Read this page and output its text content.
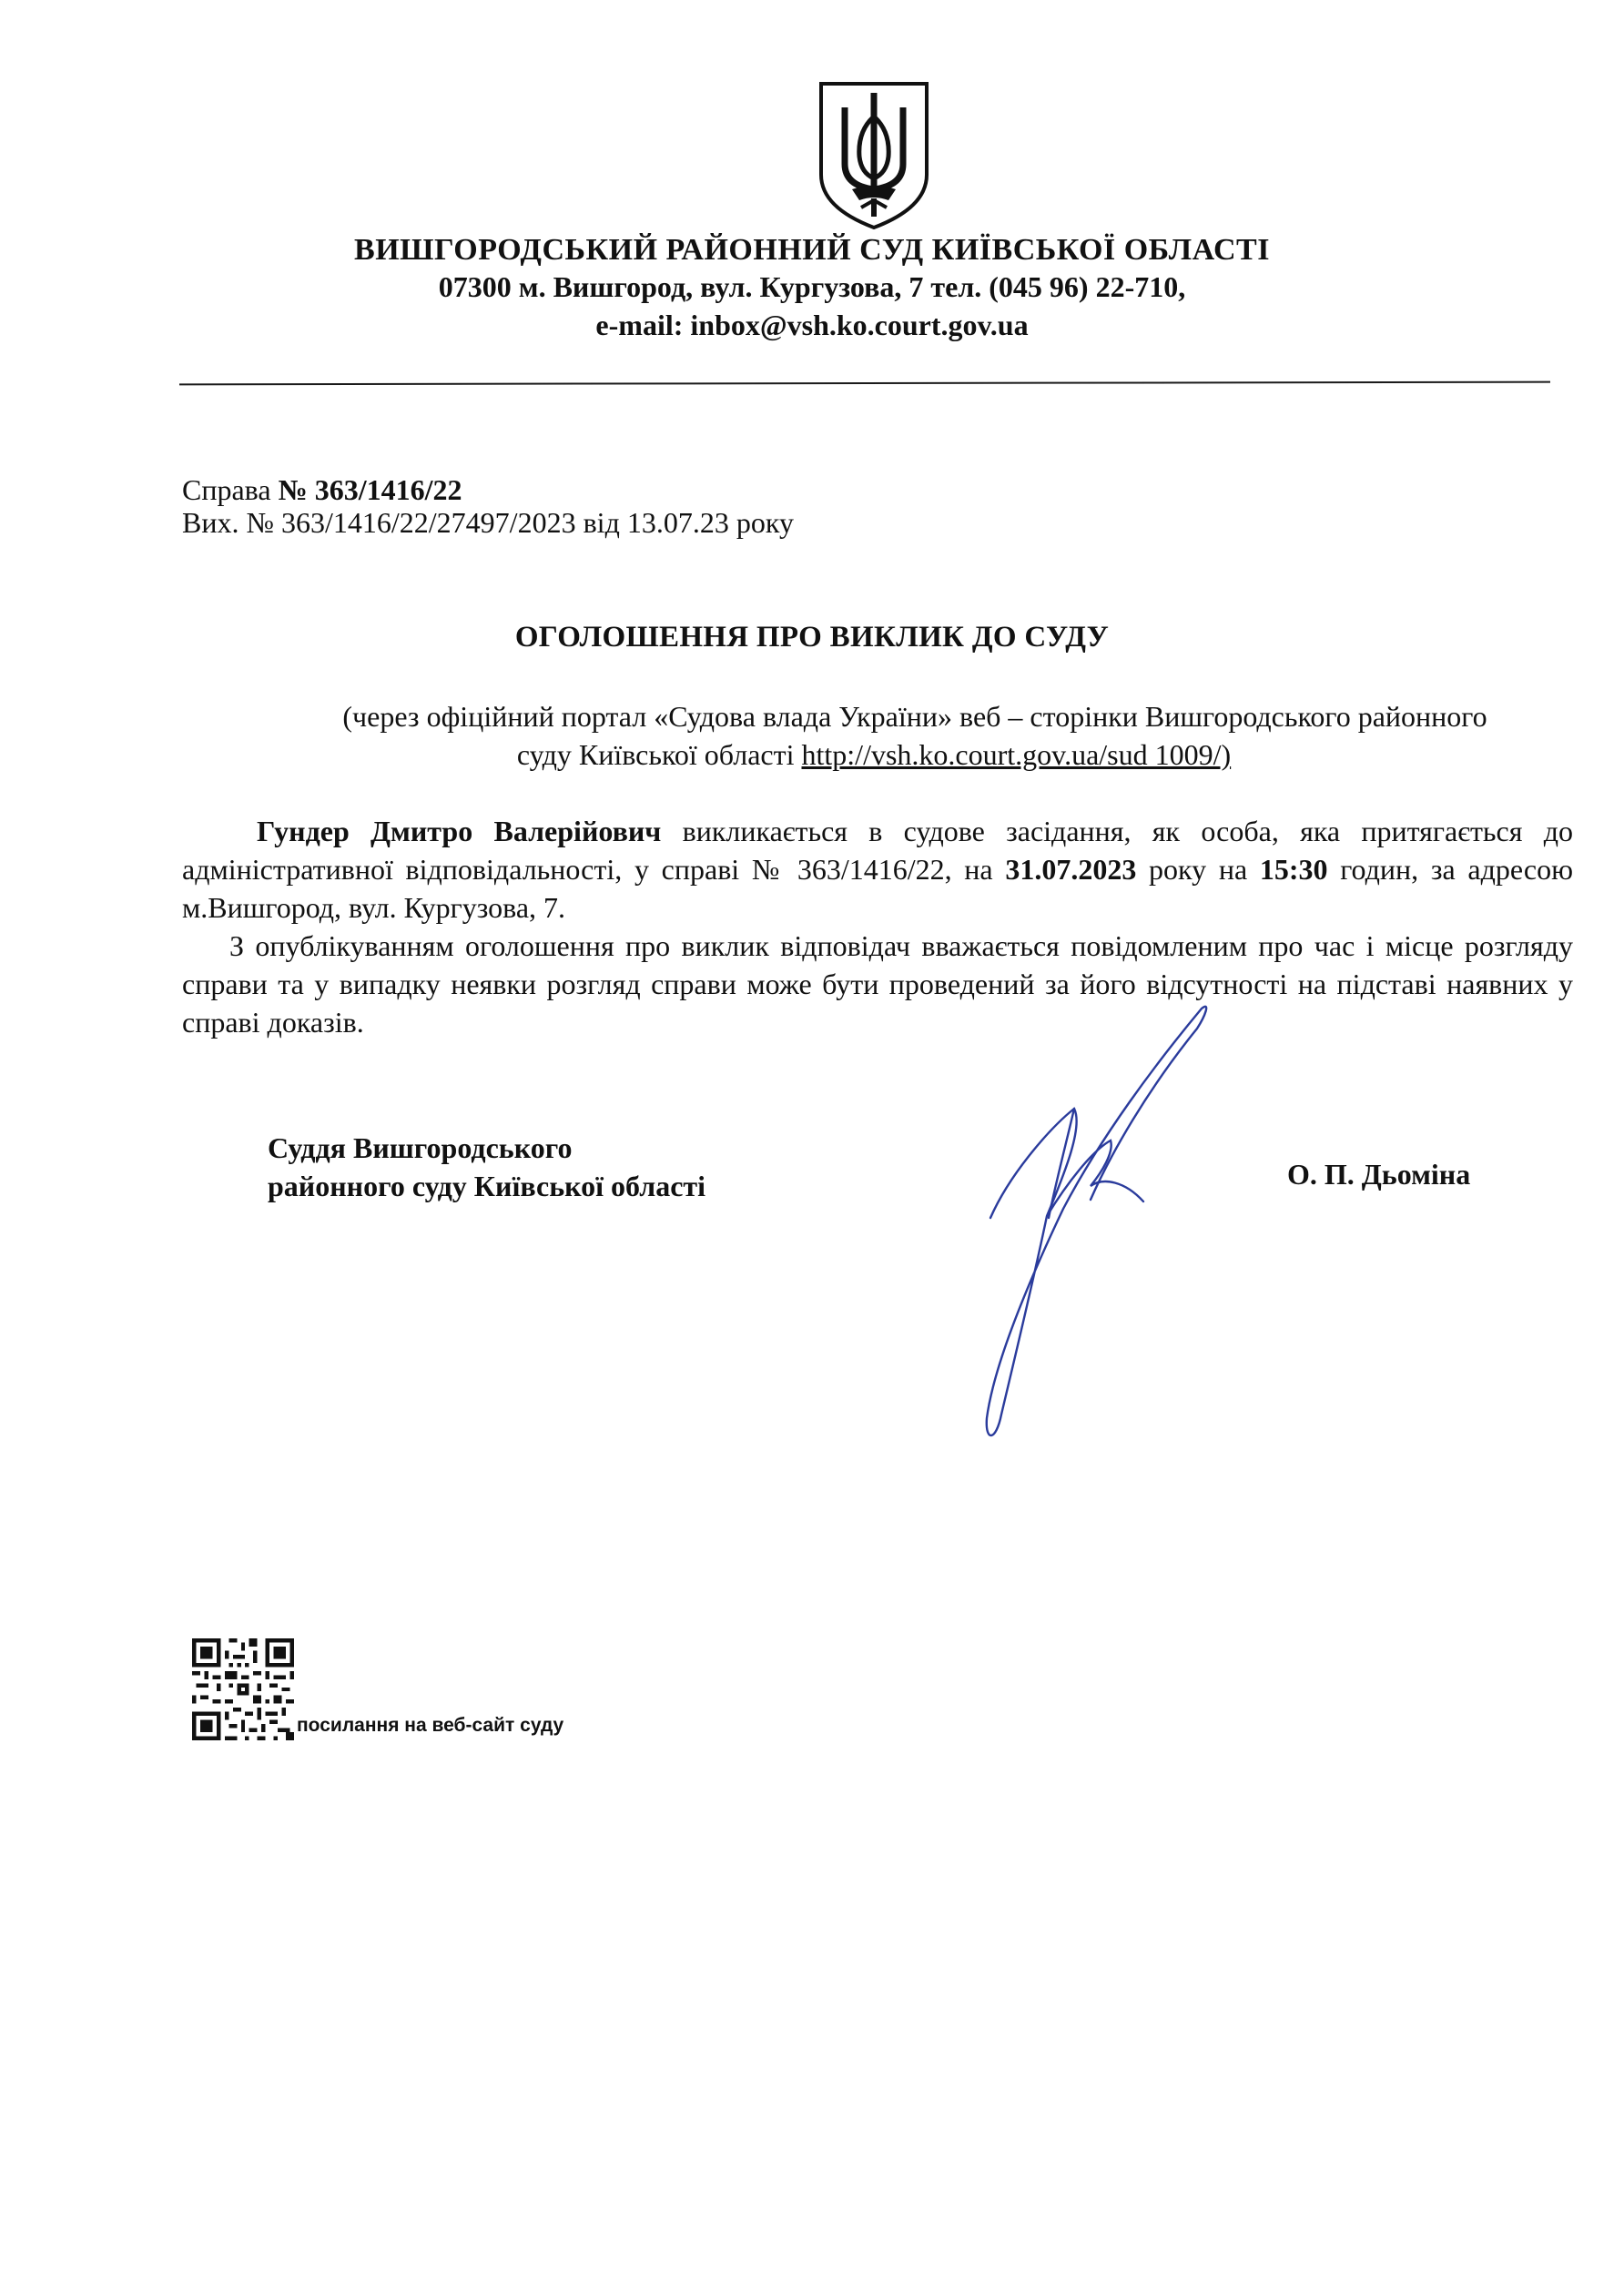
ВИШГОРОДСЬКИЙ РАЙОННИЙ СУД КИЇВСЬКОЇ ОБЛАСТІ
07300 м. Вишгород, вул. Кургузова, 7 тел. (045 96) 22-710,
e-mail: inbox@vsh.ko.court.gov.ua
Справа № 363/1416/22
Вих. № 363/1416/22/27497/2023 від 13.07.23 року
ОГОЛОШЕННЯ ПРО ВИКЛИК ДО СУДУ
(через офіційний портал «Судова влада України» веб – сторінки Вишгородського районного
суду Київської області http://vsh.ko.court.gov.ua/sud 1009/)
Гундер Дмитро Валерійович викликається в судове засідання, як особа, яка притягається до адміністративної відповідальності, у справі № 363/1416/22, на 31.07.2023 року на 15:30 годин, за адресою м.Вишгород, вул. Кургузова, 7.
З опублікуванням оголошення про виклик відповідач вважається повідомленим про час і місце розгляду справи та у випадку неявки розгляд справи може бути проведений за його відсутності на підставі наявних у справі доказів.
Суддя Вишгородського
районного суду Київської області	О. П. Дьоміна
посилання на веб-сайт суду
